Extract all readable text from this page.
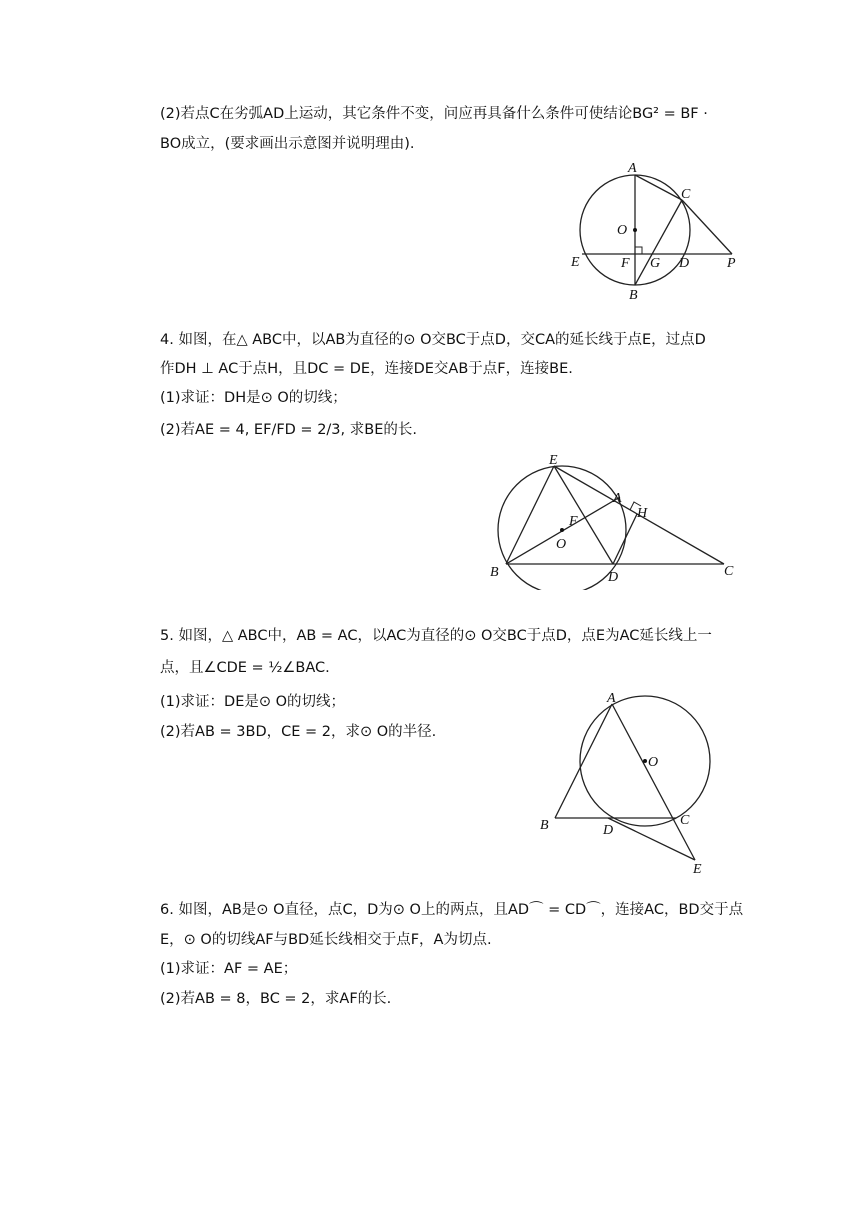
(2)若点C在劣弧AD上运动，其它条件不变，问应再具备什么条件可使结论BG² = BF ·
BO成立，(要求画出示意图并说明理由).
A
C
O
E	F G D	P
B
4. 如图，在△ ABC中，以AB为直径的⊙ O交BC于点D，交CA的延长线于点E，过点D
作DH ⊥ AC于点H，且DC = DE，连接DE交AB于点F，连接BE.
(1)求证：DH是⊙ O的切线；
(2)若AE = 4, EF/FD = 2/3, 求BE的长.
E
A
H
F
O
B	D	C
5. 如图，△ ABC中，AB = AC，以AC为直径的⊙ O交BC于点D，点E为AC延长线上一
点，且∠CDE = ½∠BAC.
(1)求证：DE是⊙ O的切线；
(2)若AB = 3BD，CE = 2，求⊙ O的半径.
A
O
B	D
C
E
6. 如图，AB是⊙ O直径，点C，D为⊙ O上的两点，且AD⌒ = CD⌒，连接AC，BD交于点
E，⊙ O的切线AF与BD延长线相交于点F，A为切点.
(1)求证：AF = AE；
(2)若AB = 8，BC = 2，求AF的长.
